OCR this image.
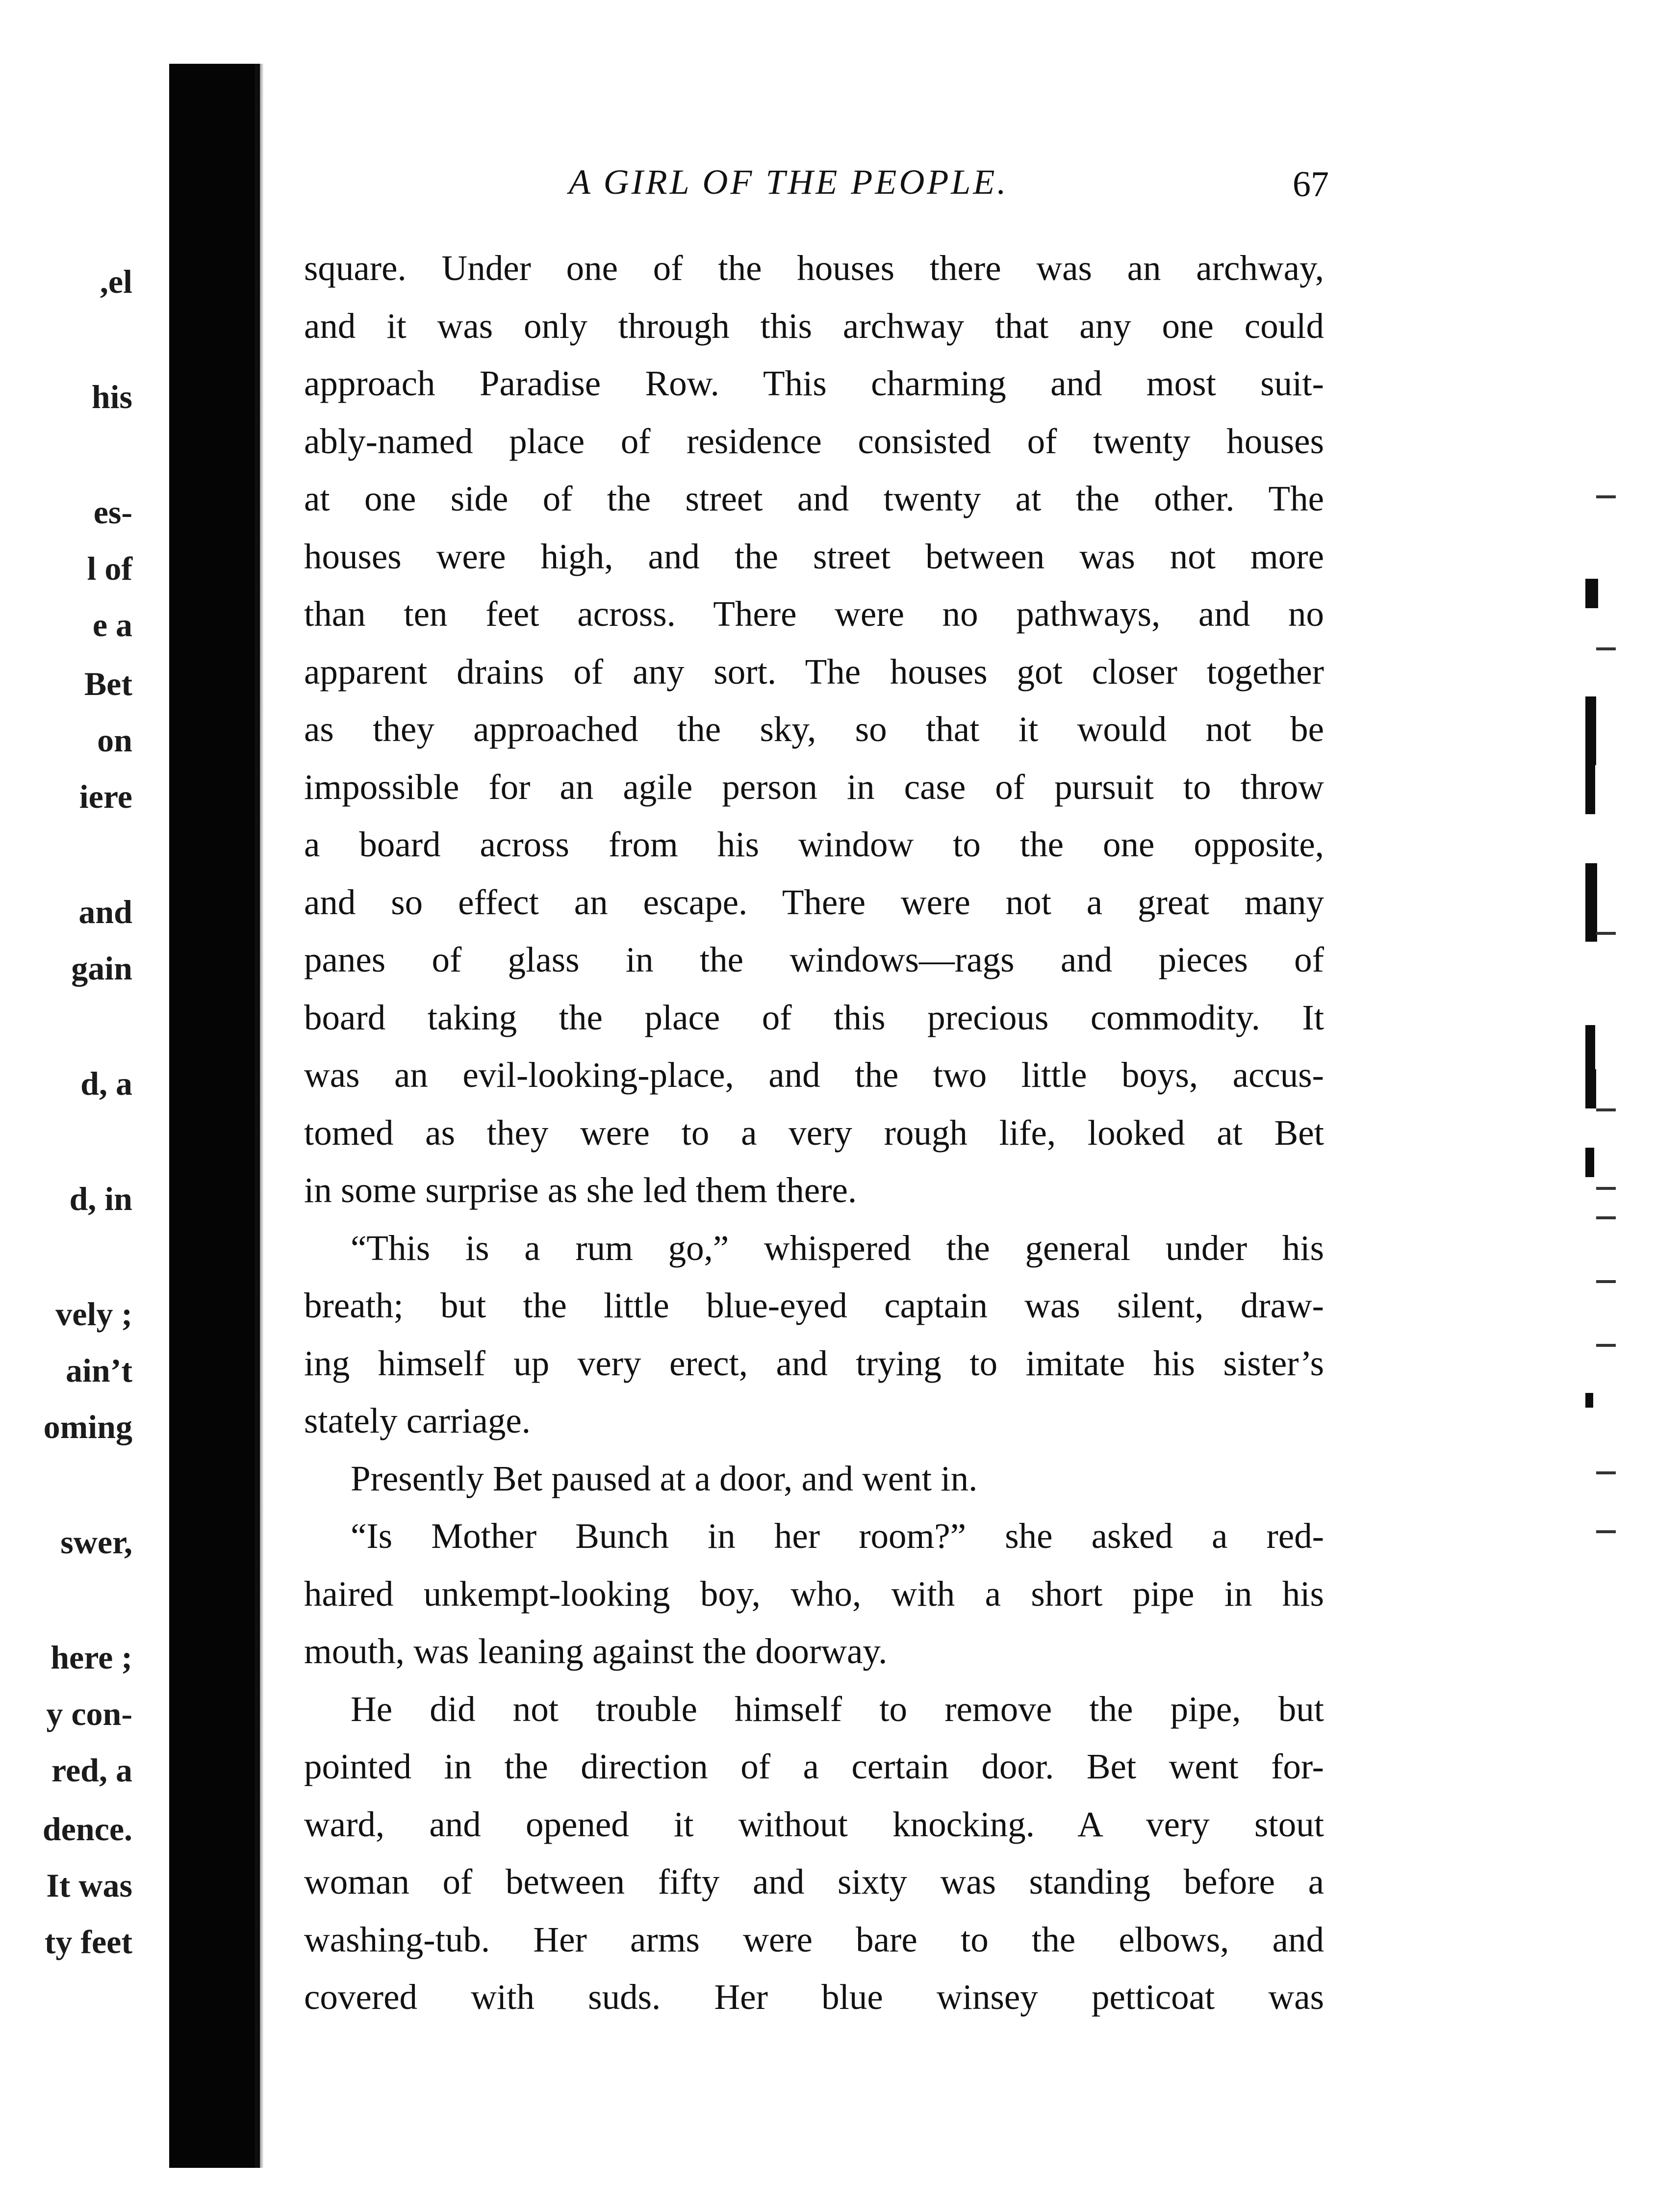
,el
his
es-
l of
e a
Bet
on
iere
and
gain
d, a
d, in
vely ;
ain’t
oming
swer,
here ;
y con-
red, a
dence.
It was
ty feet
A GIRL OF THE PEOPLE.	67
square. Under one of the houses there was an archway,
and it was only through this archway that any one could
approach Paradise Row. This charming and most suit-
ably-named place of residence consisted of twenty houses
at one side of the street and twenty at the other. The
houses were high, and the street between was not more
than ten feet across. There were no pathways, and no
apparent drains of any sort. The houses got closer together
as they approached the sky, so that it would not be
impossible for an agile person in case of pursuit to throw
a board across from his window to the one opposite,
and so effect an escape. There were not a great many
panes of glass in the windows—rags and pieces of
board taking the place of this precious commodity. It
was an evil-looking-place, and the two little boys, accus-
tomed as they were to a very rough life, looked at Bet
in some surprise as she led them there.
“This is a rum go,” whispered the general under his
breath; but the little blue-eyed captain was silent, draw-
ing himself up very erect, and trying to imitate his sister’s
stately carriage.
Presently Bet paused at a door, and went in.
“Is Mother Bunch in her room?” she asked a red-
haired unkempt-looking boy, who, with a short pipe in his
mouth, was leaning against the doorway.
He did not trouble himself to remove the pipe, but
pointed in the direction of a certain door. Bet went for-
ward, and opened it without knocking. A very stout
woman of between fifty and sixty was standing before a
washing-tub. Her arms were bare to the elbows, and
covered with suds. Her blue winsey petticoat was
